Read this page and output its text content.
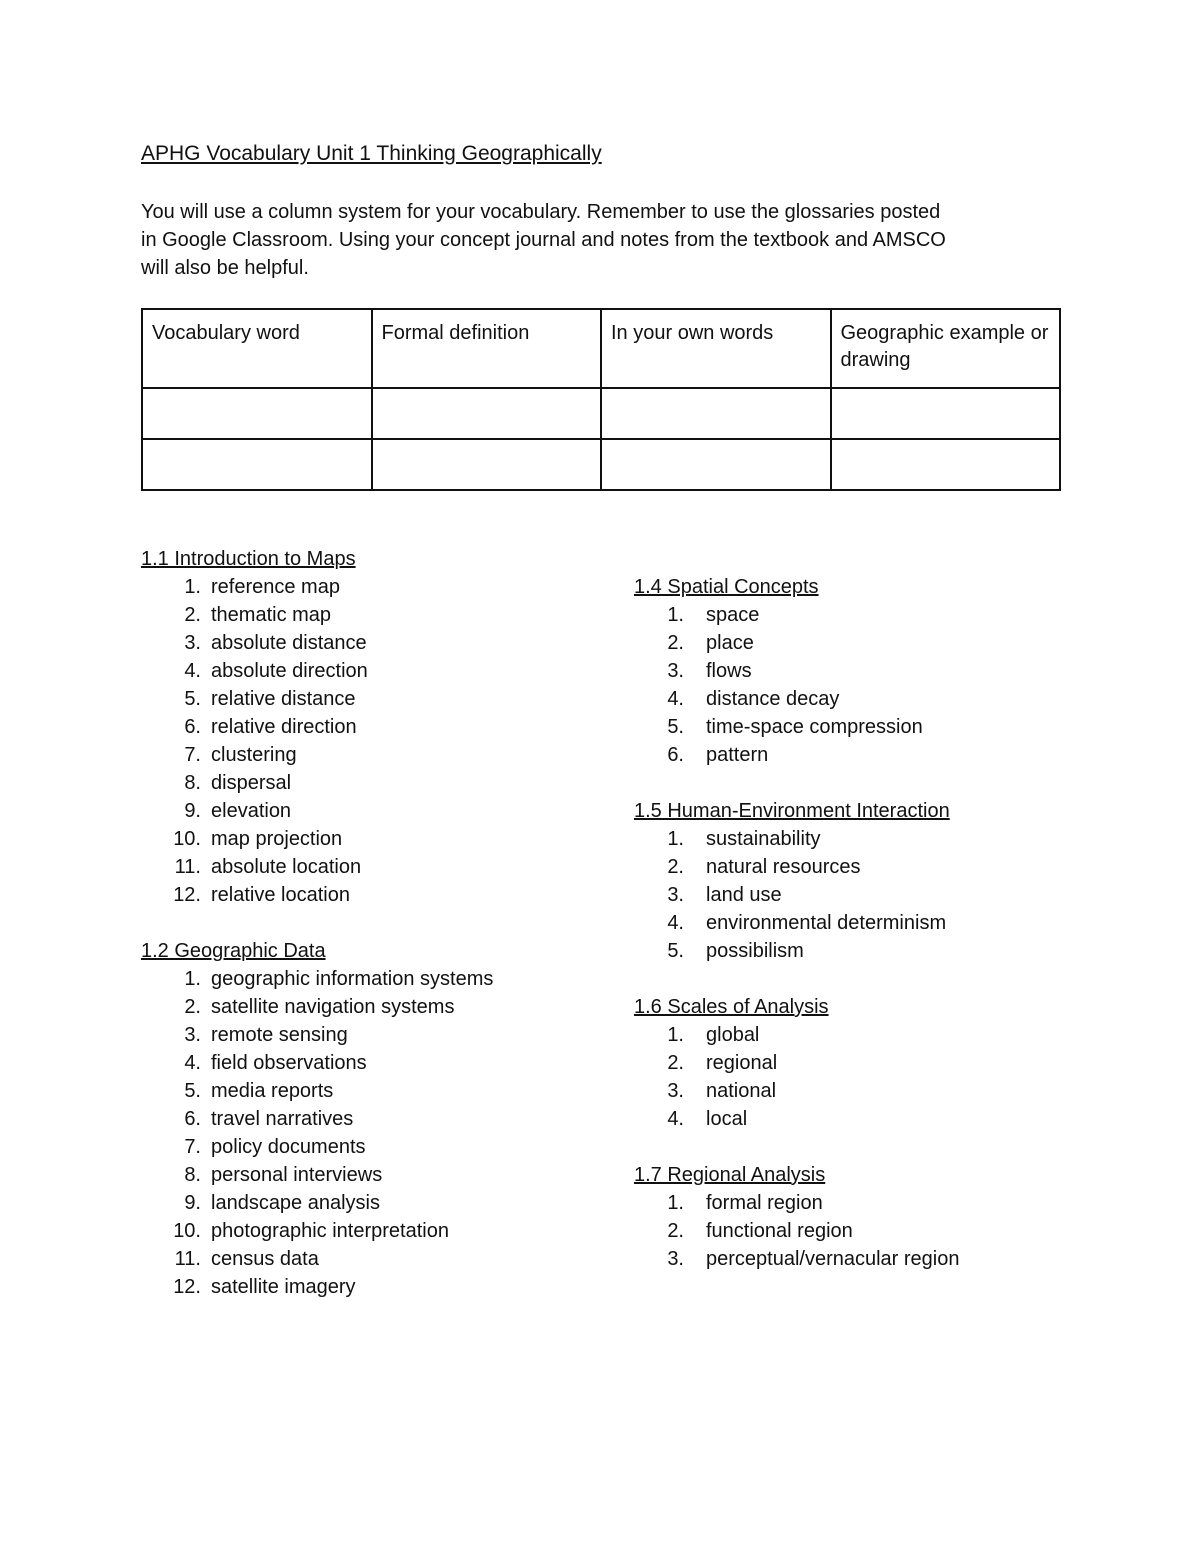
APHG Vocabulary Unit 1 Thinking Geographically

You will use a column system for your vocabulary. Remember to use the glossaries posted

in Google Classroom. Using your concept journal and notes from the textbook and AMSCO

will also be helpful.

Vocabulary word	Formal definition	In your own words	Geographic example or drawing

1.1 Introduction to Maps
1. reference map
2. thematic map
3. absolute distance
4. absolute direction
5. relative distance
6. relative direction
7. clustering
8. dispersal
9. elevation
10. map projection
11. absolute location
12. relative location
1.2 Geographic Data
1. geographic information systems
2. satellite navigation systems
3. remote sensing
4. field observations
5. media reports
6. travel narratives
7. policy documents
8. personal interviews
9. landscape analysis
10. photographic interpretation
11. census data
12. satellite imagery
1.4 Spatial Concepts
1. space
2. place
3. flows
4. distance decay
5. time-space compression
6. pattern
1.5 Human-Environment Interaction
1. sustainability
2. natural resources
3. land use
4. environmental determinism
5. possibilism
1.6 Scales of Analysis
1. global
2. regional
3. national
4. local
1.7 Regional Analysis
1. formal region
2. functional region
3. perceptual/vernacular region
